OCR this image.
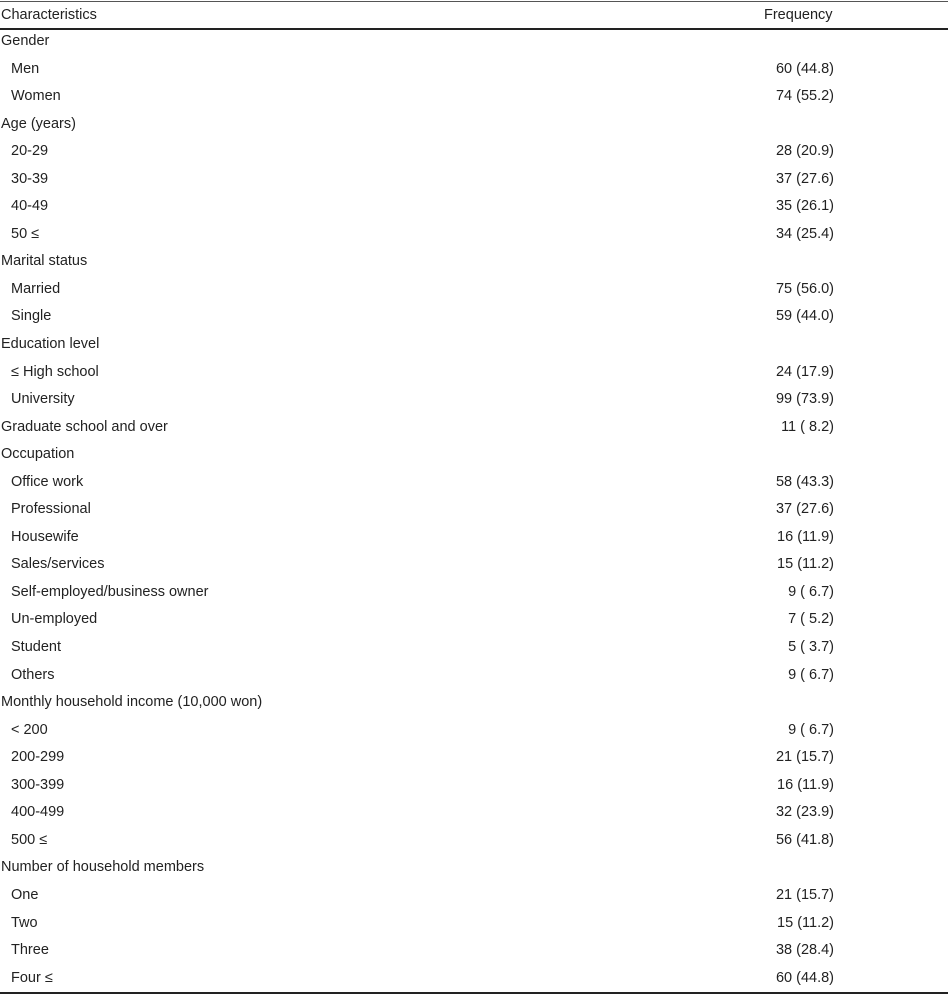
Characteristics	Frequency
Gender
Men	60 (44.8)
Women	74 (55.2)
Age (years)
20-29	28 (20.9)
30-39	37 (27.6)
40-49	35 (26.1)
50 ≤	34 (25.4)
Marital status
Married	75 (56.0)
Single	59 (44.0)
Education level
≤ High school	24 (17.9)
University	99 (73.9)
Graduate school and over	11 ( 8.2)
Occupation
Office work	58 (43.3)
Professional	37 (27.6)
Housewife	16 (11.9)
Sales/services	15 (11.2)
Self-employed/business owner	9 ( 6.7)
Un-employed	7 ( 5.2)
Student	5 ( 3.7)
Others	9 ( 6.7)
Monthly household income (10,000 won)
< 200	9 ( 6.7)
200-299	21 (15.7)
300-399	16 (11.9)
400-499	32 (23.9)
500 ≤	56 (41.8)
Number of household members
One	21 (15.7)
Two	15 (11.2)
Three	38 (28.4)
Four ≤	60 (44.8)
